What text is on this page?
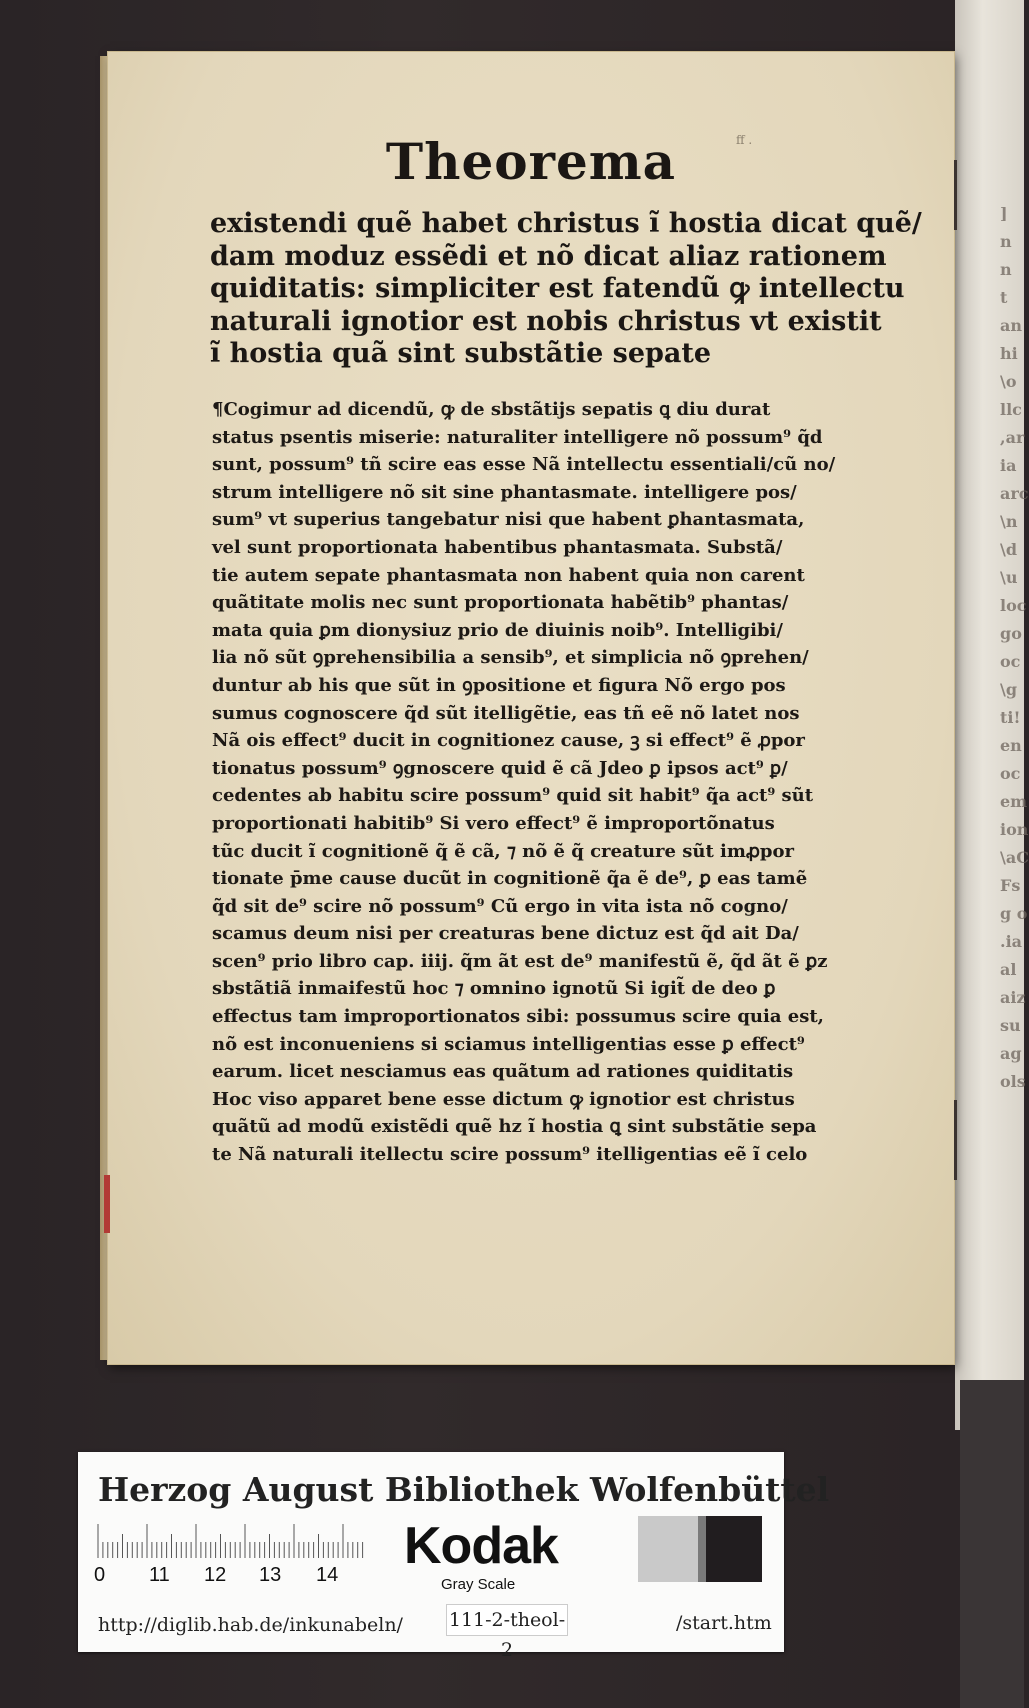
Theorema	ff .
existendi quẽ habet christus ĩ hostia dicat quẽ/
dam moduz essẽdi et nõ dicat aliaz rationem
quiditatis: simpliciter est fatendũ ꝙ intellectu
naturali ignotior est nobis christus vt existit
ĩ hostia quã sint substãtie sepate
¶Cogimur ad dicendũ, ꝙ de sbstãtijs sepatis ꝗ diu durat
status psentis miserie: naturaliter intelligere nõ possum⁹ q̃d
sunt, possum⁹ tñ scire eas esse Nã intellectu essentiali/cũ no/
strum intelligere nõ sit sine phantasmate. intelligere pos/
sum⁹ vt superius tangebatur nisi que habent ꝑhantasmata,
vel sunt proportionata habentibus phantasmata. Substã/
tie autem sepate phantasmata non habent quia non carent
quãtitate molis nec sunt proportionata habẽtib⁹ phantas/
mata quia ꝑm dionysiuz prio de diuinis noib⁹. Intelligibi/
lia nõ sũt ꝯprehensibilia a sensib⁹, et simplicia nõ ꝯprehen/
duntur ab his que sũt in ꝯpositione et figura Nõ ergo pos
sumus cognoscere q̃d sũt itelligẽtie, eas tñ eẽ nõ latet nos
Nã ois effect⁹ ducit in cognitionez cause, ꝫ si effect⁹ ẽ ꝓpor
tionatus possum⁹ ꝯgnoscere quid ẽ cã Jdeo ꝑ ipsos act⁹ ꝑ/
cedentes ab habitu scire possum⁹ quid sit habit⁹ q̃a act⁹ sũt
proportionati habitib⁹ Si vero effect⁹ ẽ improportõnatus
tũc ducit ĩ cognitionẽ q̃ ẽ cã, ⁊ nõ ẽ q̃ creature sũt imꝓpor
tionate p̄me cause ducũt in cognitionẽ q̃a ẽ de⁹, ꝑ eas tamẽ
q̃d sit de⁹ scire nõ possum⁹ Cũ ergo in vita ista nõ cogno/
scamus deum nisi per creaturas bene dictuz est q̃d ait Da/
scen⁹ prio libro cap. iiij. q̃m ãt est de⁹ manifestũ ẽ, q̃d ãt ẽ ꝑz
sbstãtiã inmaifestũ hoc ⁊ omnino ignotũ Si igit̃ de deo ꝑ
effectus tam improportionatos sibi: possumus scire quia est,
nõ est inconueniens si sciamus intelligentias esse ꝑ effect⁹
earum. licet nesciamus eas quãtum ad rationes quiditatis
Hoc viso apparet bene esse dictum ꝙ ignotior est christus
quãtũ ad modũ existẽdi quẽ hz ĩ hostia ꝗ sint substãtie sepa
te Nã naturali itellectu scire possum⁹ itelligentias eẽ ĩ celo
]
n
n
t
an
hi
\o
llc
,ar
ia
arc
\n
\d
\u
loc
go
oc
\g
ti!
en
oc
em
ion
\aC
Fs
g o
.ia
al
aiz
su
ag
ols
Herzog August Bibliothek Wolfenbüttel
0 11 12 13 14 Kodak
Gray Scale
http://diglib.hab.de/inkunabeln/ 111-2-theol-2
/start.htm
